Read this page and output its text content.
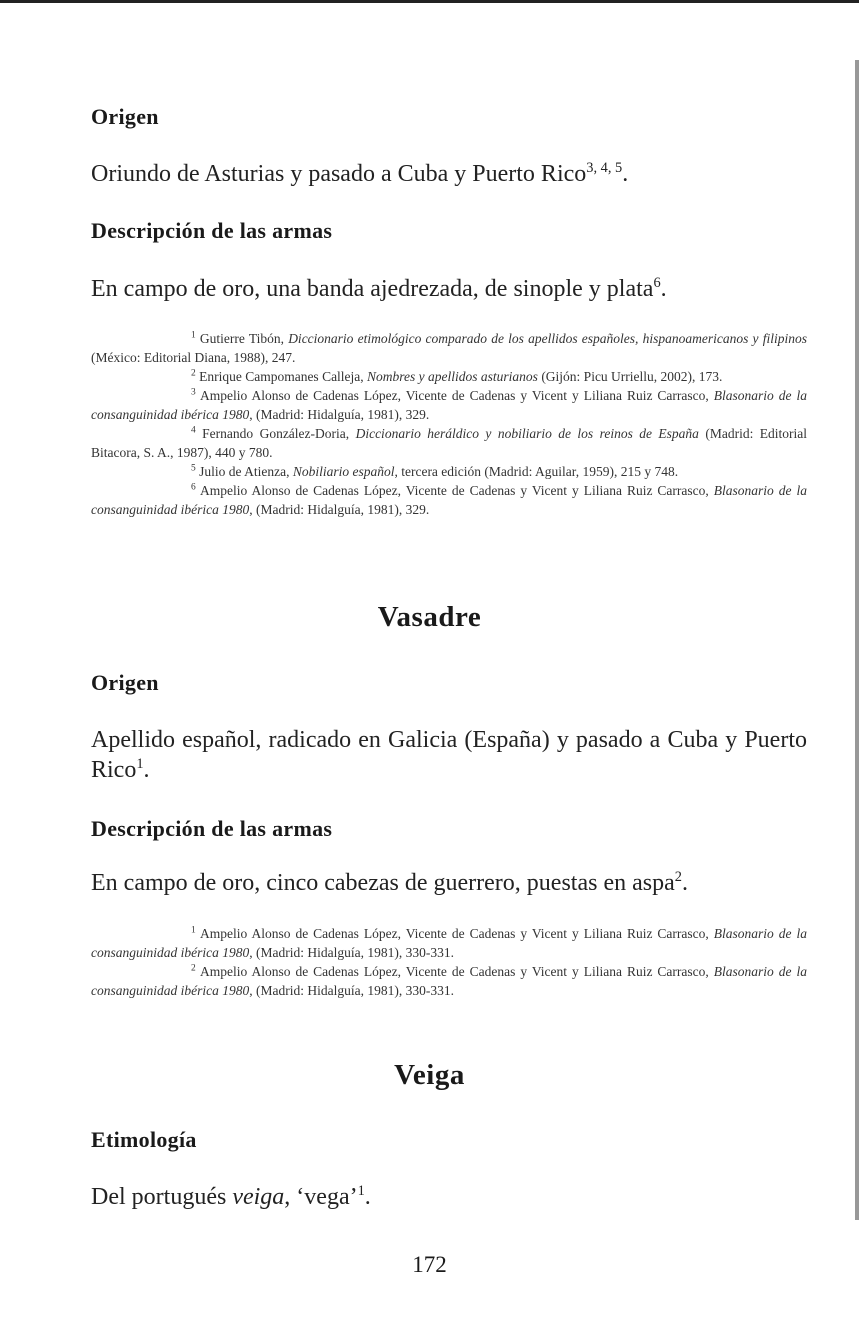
Origen
Oriundo de Asturias y pasado a Cuba y Puerto Rico$^{3, 4, 5}$.
Descripción de las armas
En campo de oro, una banda ajedrezada, de sinople y plata$^6$.

$^1$ Gutierre Tibón, Diccionario etimológico comparado de los apellidos españoles, hispanoamericanos y filipinos (México: Editorial Diana, 1988), 247.

$^2$ Enrique Campomanes Calleja, Nombres y apellidos asturianos (Gijón: Picu Urriellu, 2002), 173.

$^3$ Ampelio Alonso de Cadenas López, Vicente de Cadenas y Vicent y Liliana Ruiz Carrasco, Blasonario de la consanguinidad ibérica 1980, (Madrid: Hidalguía, 1981), 329.

$^4$ Fernando González-Doria, Diccionario heráldico y nobiliario de los reinos de España (Madrid: Editorial Bitacora, S. A., 1987), 440 y 780.

$^5$ Julio de Atienza, Nobiliario español, tercera edición (Madrid: Aguilar, 1959), 215 y 748.

$^6$ Ampelio Alonso de Cadenas López, Vicente de Cadenas y Vicent y Liliana Ruiz Carrasco, Blasonario de la consanguinidad ibérica 1980, (Madrid: Hidalguía, 1981), 329.

Vasadre
Origen
Apellido español, radicado en Galicia (España) y pasado a Cuba y Puerto Rico$^1$.
Descripción de las armas
En campo de oro, cinco cabezas de guerrero, puestas en aspa$^2$.

$^1$ Ampelio Alonso de Cadenas López, Vicente de Cadenas y Vicent y Liliana Ruiz Carrasco, Blasonario de la consanguinidad ibérica 1980, (Madrid: Hidalguía, 1981), 330-331.

$^2$ Ampelio Alonso de Cadenas López, Vicente de Cadenas y Vicent y Liliana Ruiz Carrasco, Blasonario de la consanguinidad ibérica 1980, (Madrid: Hidalguía, 1981), 330-331.

Veiga
Etimología
Del portugués veiga, ‘vega’$^1$.
172
